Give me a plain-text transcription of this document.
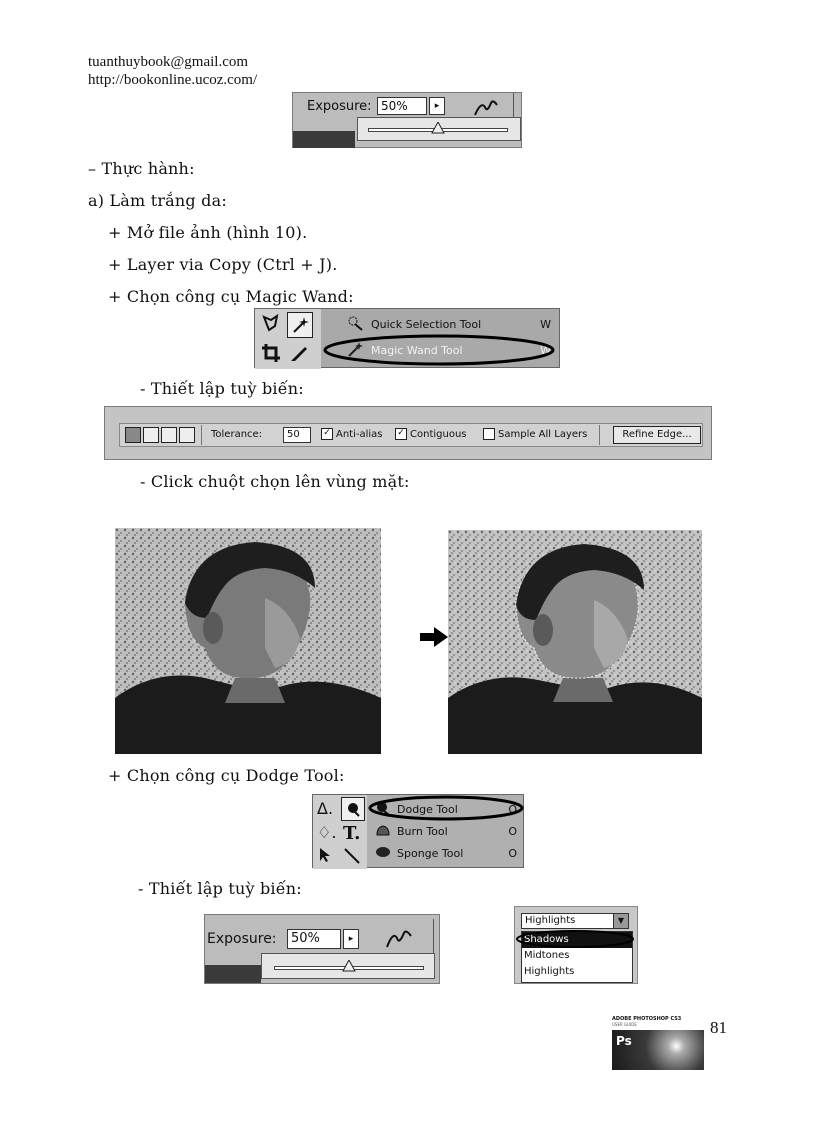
tuanthuybook@gmail.com
http://bookonline.ucoz.com/
Exposure: 50%	▸
– Thực hành:
a) Làm trắng da:
+ Mở file ảnh (hình 10).
+ Layer via Copy (Ctrl + J).
+ Chọn công cụ Magic Wand:
Quick Selection Tool	W
Magic Wand Tool	W
- Thiết lập tuỳ biến:
Tolerance:	50	✓ Anti-alias ✓ Contiguous	Sample All Layers	Refine Edge...
- Click chuột chọn lên vùng mặt:
+ Chọn công cụ Dodge Tool:
Δ.
♢. T.
Dodge Tool	O
Burn Tool	O
Sponge Tool	O
- Thiết lập tuỳ biến:
Exposure:	50%	▸
Highlights	▼
Shadows
Midtones
Highlights
ADOBE PHOTOSHOP CS3
USER GUIDE
Ps
81
